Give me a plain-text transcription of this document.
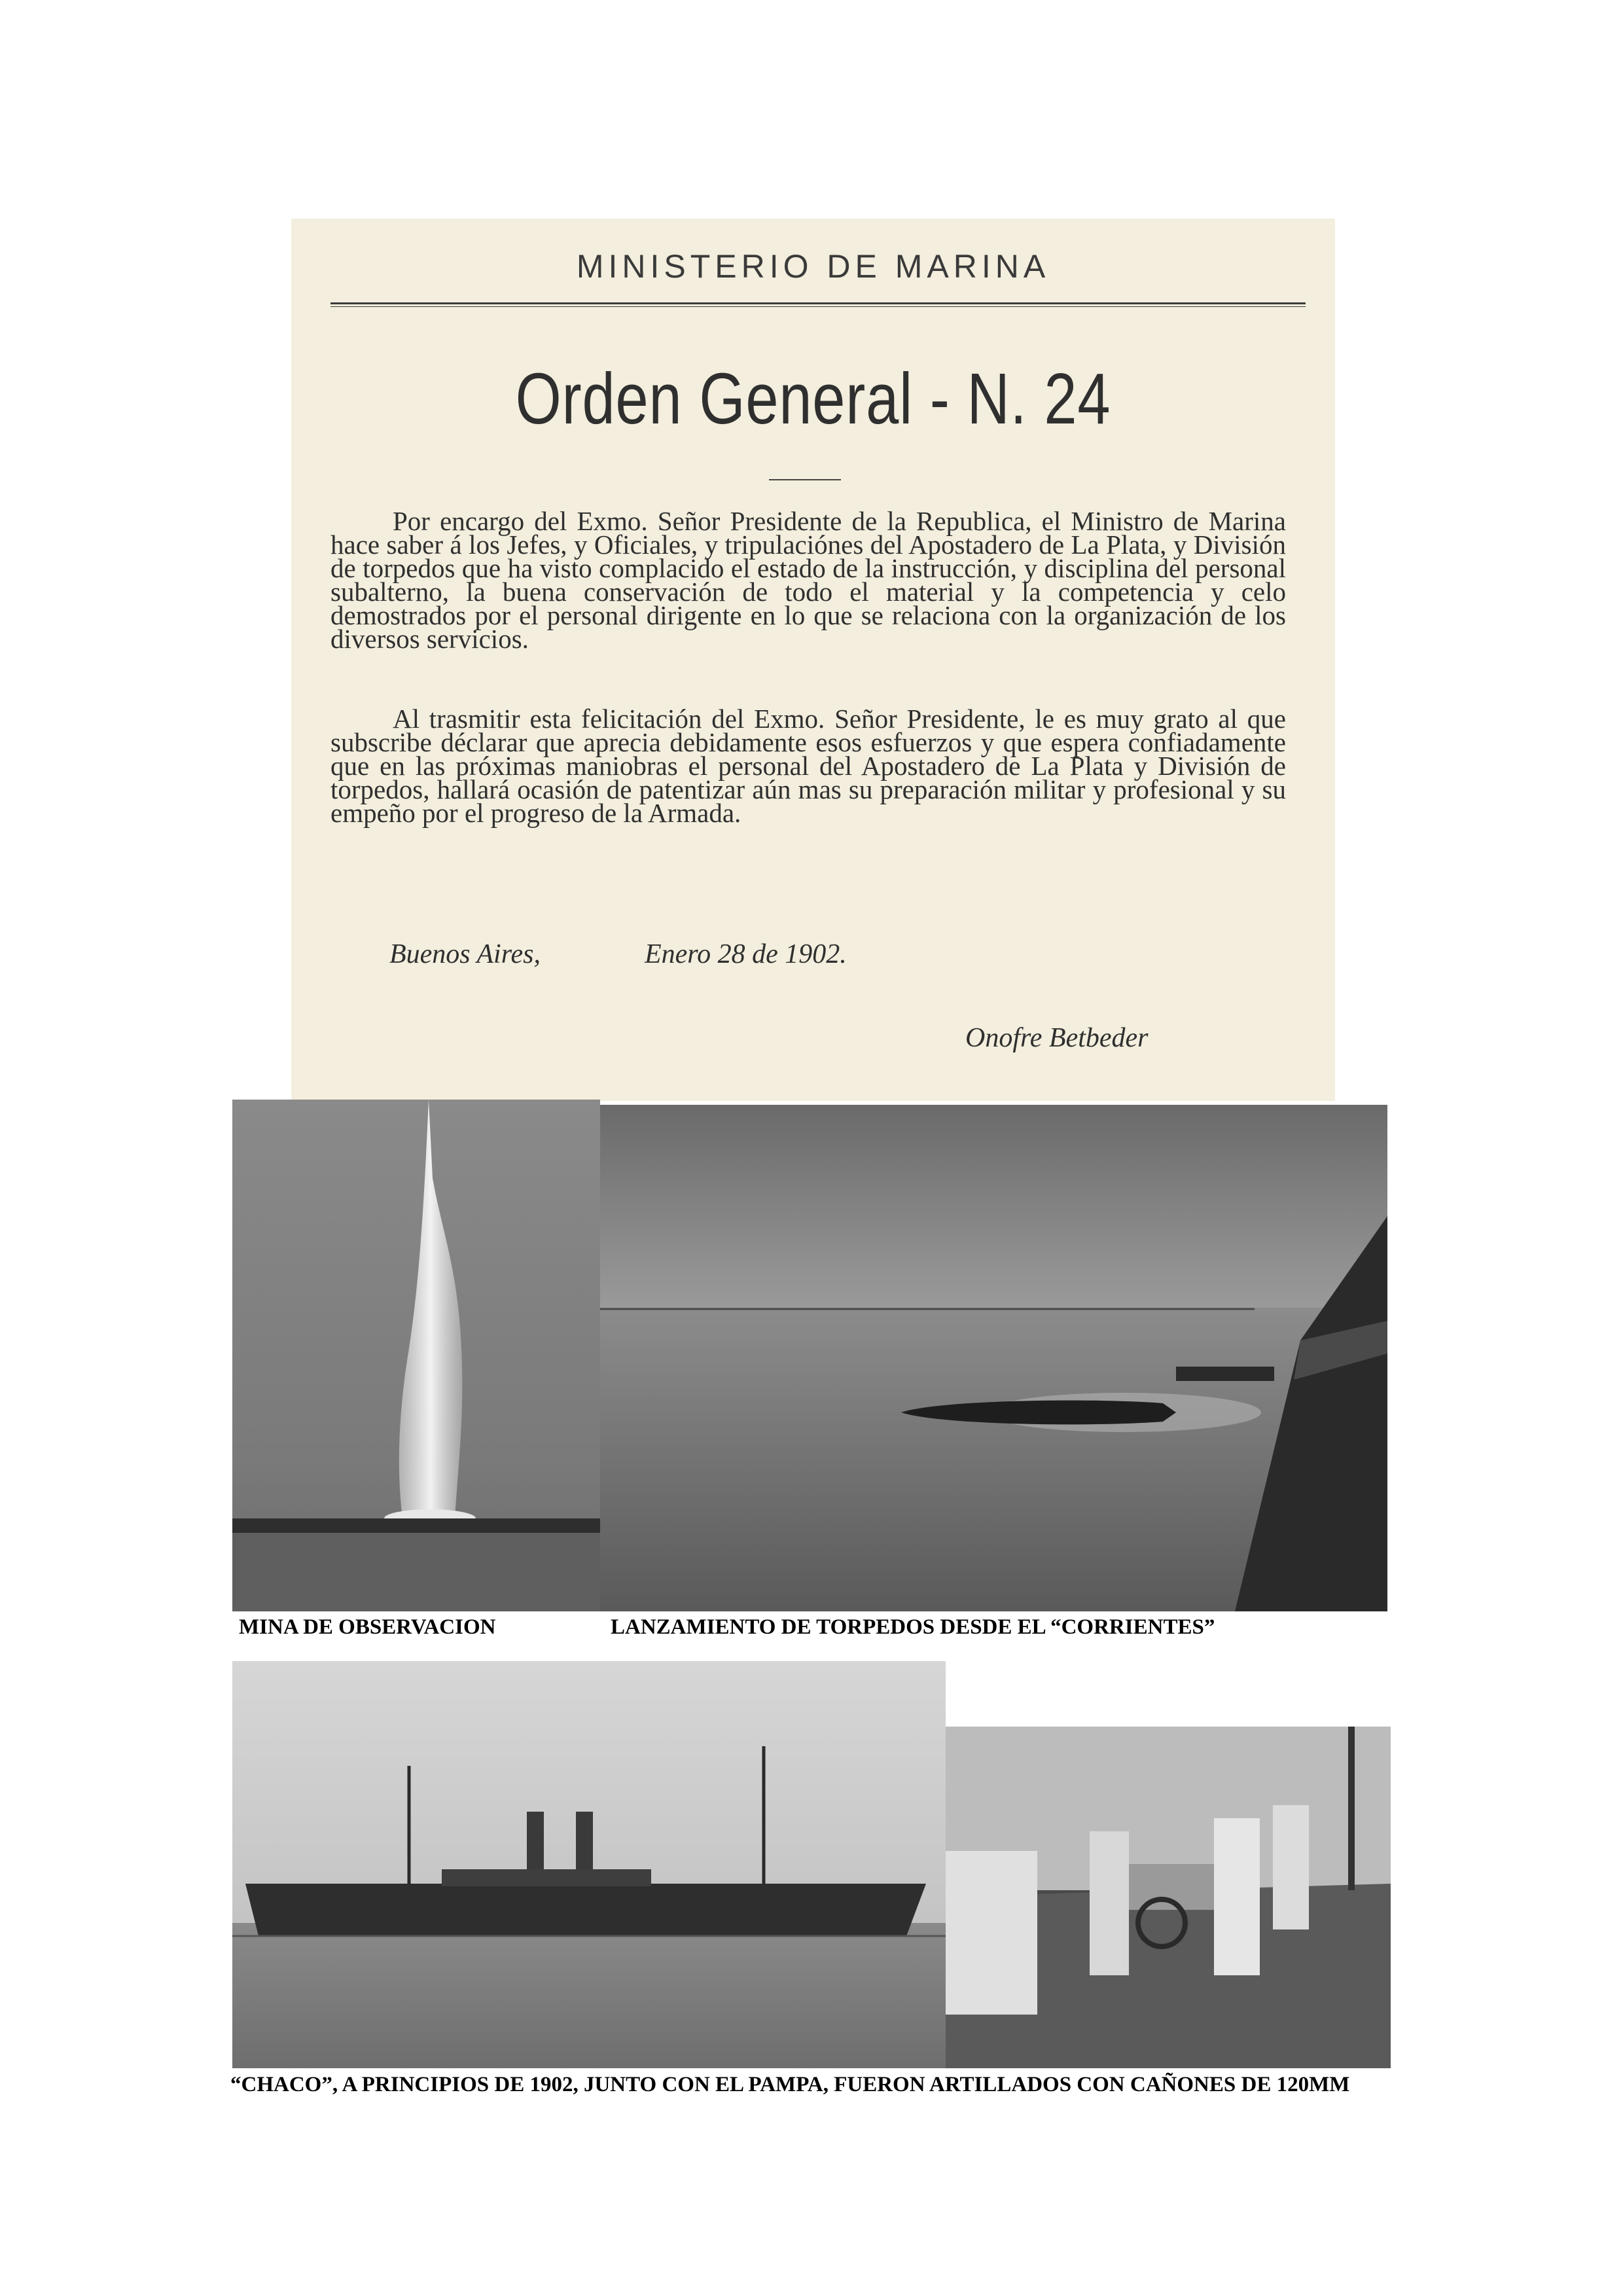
MINISTERIO DE MARINA
Orden General - N. 24
Por encargo del Exmo. Señor Presidente de la Republica, el Ministro de Marina hace saber á los Jefes, y Oficiales, y tripulaciónes del Apostadero de La Plata, y División de torpedos que ha visto complacido el estado de la instrucción, y disciplina del personal subalterno, la buena conservación de todo el material y la competencia y celo demostrados por el personal dirigente en lo que se relaciona con la organización de los diversos servicios.
Al trasmitir esta felicitación del Exmo. Señor Presidente, le es muy grato al que subscribe déclarar que aprecia debidamente esos esfuerzos y que espera confiadamente que en las próximas maniobras el personal del Apostadero de La Plata y División de torpedos, hallará ocasión de patentizar aún mas su preparación militar y profesional y su empeño por el progreso de la Armada.
Buenos Aires,	Enero 28 de 1902.
Onofre Betbeder
MINA DE OBSERVACION	LANZAMIENTO DE TORPEDOS DESDE EL “CORRIENTES”
“CHACO”, A PRINCIPIOS DE 1902, JUNTO CON EL PAMPA, FUERON ARTILLADOS CON CAÑONES DE 120MM
